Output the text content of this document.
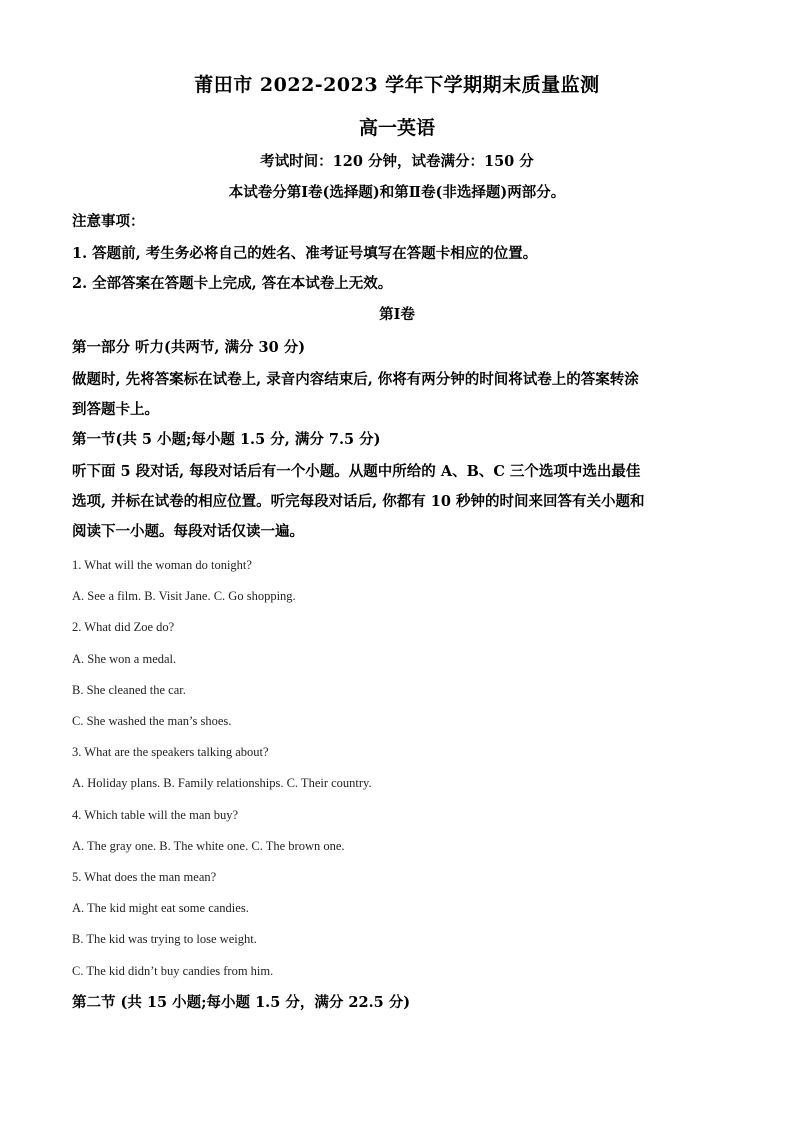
莆田市 2022-2023 学年下学期期末质量监测
高一英语
考试时间：120 分钟，试卷满分：150 分
本试卷分第Ⅰ卷(选择题)和第Ⅱ卷(非选择题)两部分。
注意事项：
1. 答题前, 考生务必将自己的姓名、准考证号填写在答题卡相应的位置。
2. 全部答案在答题卡上完成, 答在本试卷上无效。
第Ⅰ卷
第一部分 听力(共两节, 满分 30 分)
做题时, 先将答案标在试卷上, 录音内容结束后, 你将有两分钟的时间将试卷上的答案转涂
到答题卡上。
第一节(共 5 小题;每小题 1.5 分, 满分 7.5 分)
听下面 5 段对话, 每段对话后有一个小题。从题中所给的 A、B、C 三个选项中选出最佳
选项, 并标在试卷的相应位置。听完每段对话后, 你都有 10 秒钟的时间来回答有关小题和
阅读下一小题。每段对话仅读一遍。
1. What will the woman do tonight?
A. See a film. B. Visit Jane. C. Go shopping.
2. What did Zoe do?
A. She won a medal.
B. She cleaned the car.
C. She washed the man’s shoes.
3. What are the speakers talking about?
A. Holiday plans. B. Family relationships. C. Their country.
4. Which table will the man buy?
A. The gray one. B. The white one. C. The brown one.
5. What does the man mean?
A. The kid might eat some candies.
B. The kid was trying to lose weight.
C. The kid didn’t buy candies from him.
第二节 (共 15 小题;每小题 1.5 分，满分 22.5 分)
